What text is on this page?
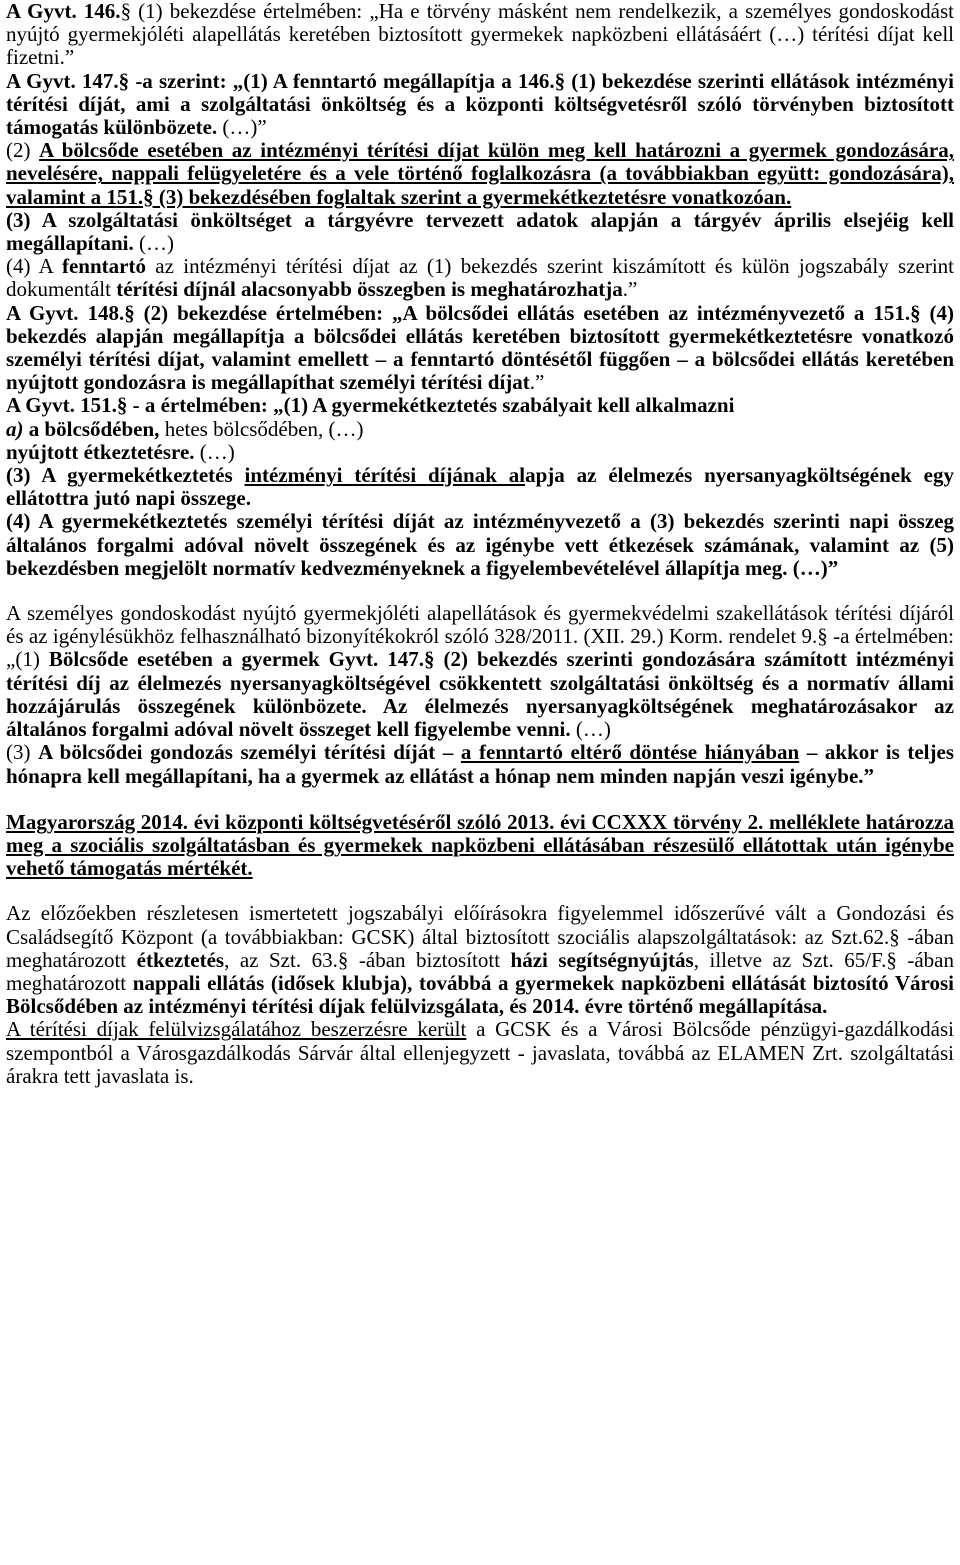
A Gyvt. 146.§ (1) bekezdése értelmében: „Ha e törvény másként nem rendelkezik, a személyes gondoskodást nyújtó gyermekjóléti alapellátás keretében biztosított gyermekek napközbeni ellátásáért (…) térítési díjat kell fizetni.”

A Gyvt. 147.§ -a szerint: „(1) A fenntartó megállapítja a 146.§ (1) bekezdése szerinti ellátások intézményi térítési díját, ami a szolgáltatási önköltség és a központi költségvetésről szóló törvényben biztosított támogatás különbözete. (…)”

(2) A bölcsőde esetében az intézményi térítési díjat külön meg kell határozni a gyermek gondozására, nevelésére, nappali felügyeletére és a vele történő foglalkozásra (a továbbiakban együtt: gondozására), valamint a 151.§ (3) bekezdésében foglaltak szerint a gyermekétkeztetésre vonatkozóan.

(3) A szolgáltatási önköltséget a tárgyévre tervezett adatok alapján a tárgyév április elsejéig kell megállapítani. (…)

(4) A fenntartó az intézményi térítési díjat az (1) bekezdés szerint kiszámított és külön jogszabály szerint dokumentált térítési díjnál alacsonyabb összegben is meghatározhatja.”

A Gyvt. 148.§ (2) bekezdése értelmében: „A bölcsődei ellátás esetében az intézményvezető a 151.§ (4) bekezdés alapján megállapítja a bölcsődei ellátás keretében biztosított gyermekétkeztetésre vonatkozó személyi térítési díjat, valamint emellett – a fenntartó döntésétől függően – a bölcsődei ellátás keretében nyújtott gondozásra is megállapíthat személyi térítési díjat.”

A Gyvt. 151.§ - a értelmében: „(1) A gyermekétkeztetés szabályait kell alkalmazni

a) a bölcsődében, hetes bölcsődében, (…)

nyújtott étkeztetésre. (…)

(3) A gyermekétkeztetés intézményi térítési díjának alapja az élelmezés nyersanyagköltségének egy ellátottra jutó napi összege.

(4) A gyermekétkeztetés személyi térítési díját az intézményvezető a (3) bekezdés szerinti napi összeg általános forgalmi adóval növelt összegének és az igénybe vett étkezések számának, valamint az (5) bekezdésben megjelölt normatív kedvezményeknek a figyelembevételével állapítja meg. (…)”

A személyes gondoskodást nyújtó gyermekjóléti alapellátások és gyermekvédelmi szakellátások térítési díjáról és az igénylésükhöz felhasználható bizonyítékokról szóló 328/2011. (XII. 29.) Korm. rendelet 9.§ -a értelmében: „(1) Bölcsőde esetében a gyermek Gyvt. 147.§ (2) bekezdés szerinti gondozására számított intézményi térítési díj az élelmezés nyersanyagköltségével csökkentett szolgáltatási önköltség és a normatív állami hozzájárulás összegének különbözete. Az élelmezés nyersanyagköltségének meghatározásakor az általános forgalmi adóval növelt összeget kell figyelembe venni. (…)

(3) A bölcsődei gondozás személyi térítési díját – a fenntartó eltérő döntése hiányában – akkor is teljes hónapra kell megállapítani, ha a gyermek az ellátást a hónap nem minden napján veszi igénybe.”

Magyarország 2014. évi központi költségvetéséről szóló 2013. évi CCXXX törvény 2. melléklete határozza meg a szociális szolgáltatásban és gyermekek napközbeni ellátásában részesülő ellátottak után igénybe vehető támogatás mértékét.

Az előzőekben részletesen ismertetett jogszabályi előírásokra figyelemmel időszerűvé vált a Gondozási és Családsegítő Központ (a továbbiakban: GCSK) által biztosított szociális alapszolgáltatások: az Szt.62.§ -ában meghatározott étkeztetés, az Szt. 63.§ -ában biztosított házi segítségnyújtás, illetve az Szt. 65/F.§ -ában meghatározott nappali ellátás (idősek klubja), továbbá a gyermekek napközbeni ellátását biztosító Városi Bölcsődében az intézményi térítési díjak felülvizsgálata, és 2014. évre történő megállapítása.

A térítési díjak felülvizsgálatához beszerzésre került a GCSK és a Városi Bölcsőde pénzügyi-gazdálkodási szempontból a Városgazdálkodás Sárvár által ellenjegyzett - javaslata, továbbá az ELAMEN Zrt. szolgáltatási árakra tett javaslata is.
